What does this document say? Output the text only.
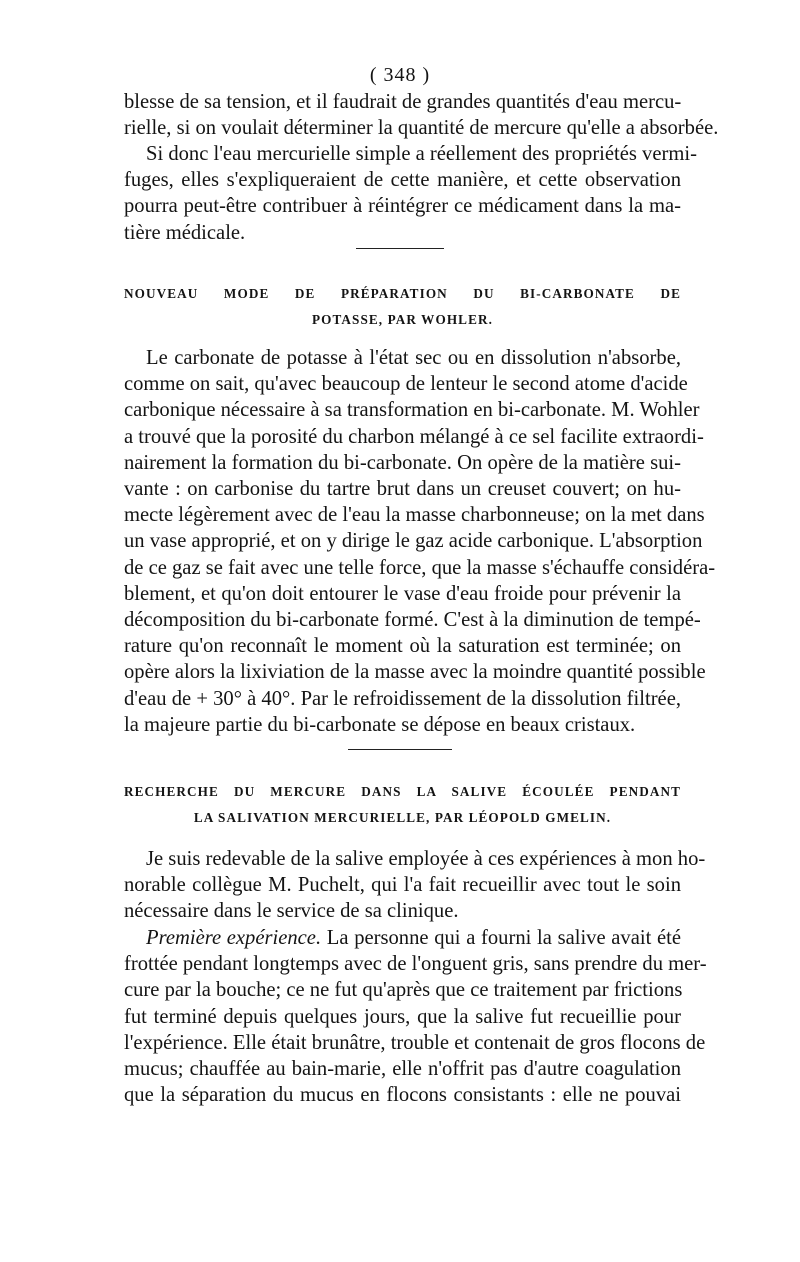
( 348 )
blesse de sa tension, et il faudrait de grandes quantités d'eau mercu-
rielle, si on voulait déterminer la quantité de mercure qu'elle a absorbée.
Si donc l'eau mercurielle simple a réellement des propriétés vermi-
fuges, elles s'expliqueraient de cette manière, et cette observation
pourra peut-être contribuer à réintégrer ce médicament dans la ma-
tière médicale.
NOUVEAU MODE DE PRÉPARATION DU BI-CARBONATE DE
POTASSE, PAR WOHLER.
Le carbonate de potasse à l'état sec ou en dissolution n'absorbe,
comme on sait, qu'avec beaucoup de lenteur le second atome d'acide
carbonique nécessaire à sa transformation en bi-carbonate. M. Wohler
a trouvé que la porosité du charbon mélangé à ce sel facilite extraordi-
nairement la formation du bi-carbonate. On opère de la matière sui-
vante : on carbonise du tartre brut dans un creuset couvert; on hu-
mecte légèrement avec de l'eau la masse charbonneuse; on la met dans
un vase approprié, et on y dirige le gaz acide carbonique. L'absorption
de ce gaz se fait avec une telle force, que la masse s'échauffe considéra-
blement, et qu'on doit entourer le vase d'eau froide pour prévenir la
décomposition du bi-carbonate formé. C'est à la diminution de tempé-
rature qu'on reconnaît le moment où la saturation est terminée; on
opère alors la lixiviation de la masse avec la moindre quantité possible
d'eau de + 30° à 40°. Par le refroidissement de la dissolution filtrée,
la majeure partie du bi-carbonate se dépose en beaux cristaux.
RECHERCHE DU MERCURE DANS LA SALIVE ÉCOULÉE PENDANT
LA SALIVATION MERCURIELLE, PAR LÉOPOLD GMELIN.
Je suis redevable de la salive employée à ces expériences à mon ho-
norable collègue M. Puchelt, qui l'a fait recueillir avec tout le soin
nécessaire dans le service de sa clinique.
Première expérience. La personne qui a fourni la salive avait été
frottée pendant longtemps avec de l'onguent gris, sans prendre du mer-
cure par la bouche; ce ne fut qu'après que ce traitement par frictions
fut terminé depuis quelques jours, que la salive fut recueillie pour
l'expérience. Elle était brunâtre, trouble et contenait de gros flocons de
mucus; chauffée au bain-marie, elle n'offrit pas d'autre coagulation
que la séparation du mucus en flocons consistants : elle ne pouvai
